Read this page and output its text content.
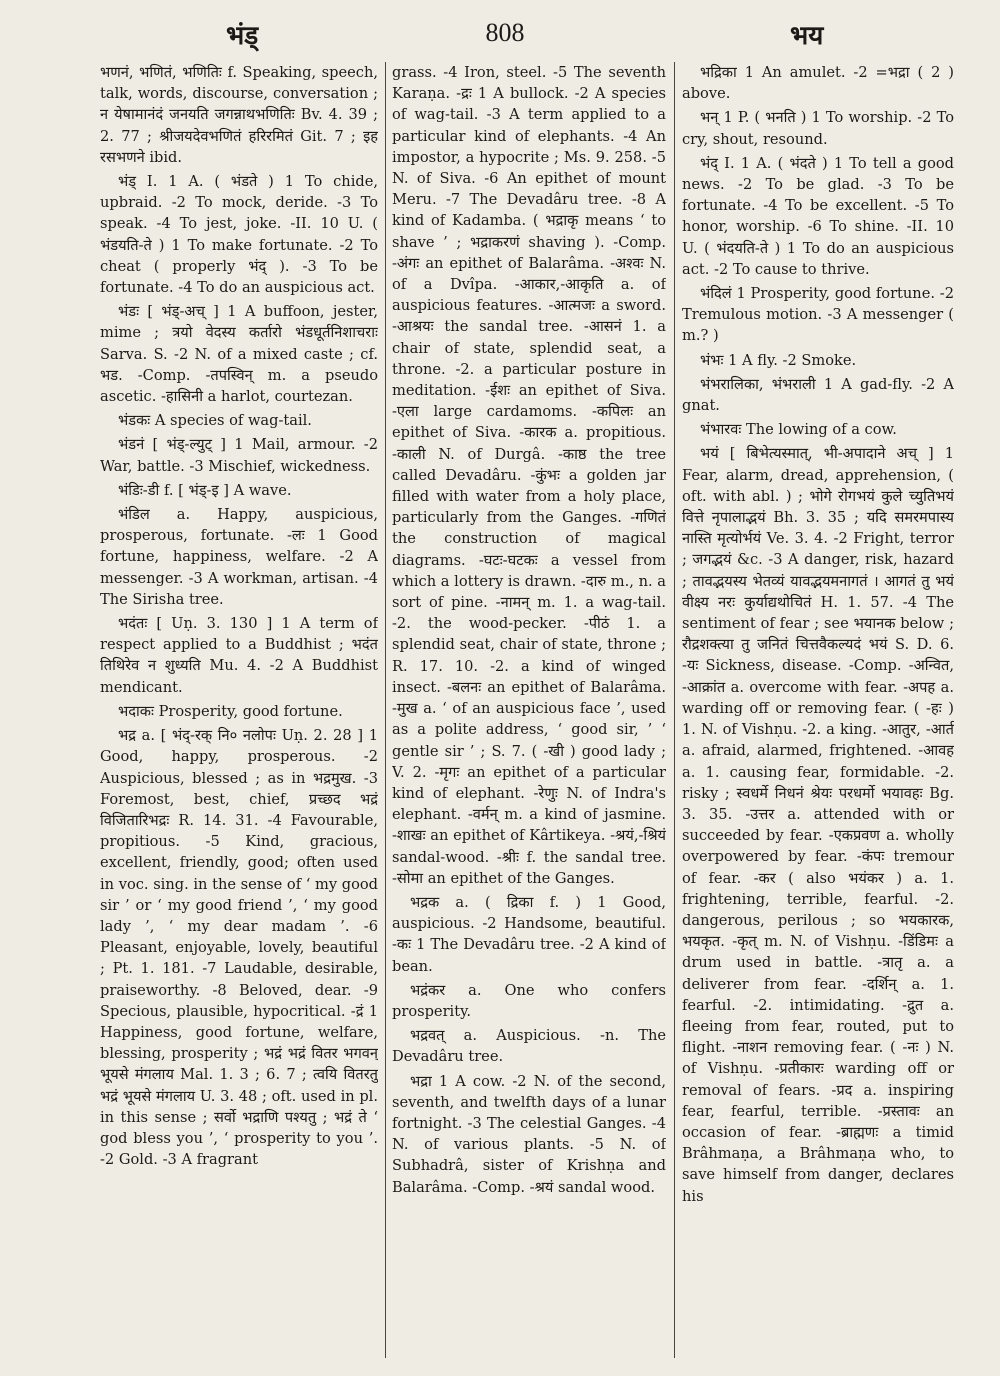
भंड्	808	भय

भणनं, भणितं, भणितिः f. Speaking, speech, talk, words, discourse, conversation ; न येषामानंदं जनयति जगन्नाथभणितिः Bv. 4. 39 ; 2. 77 ; श्रीजयदेवभणितं हरिरमितं Git. 7 ; इह रसभणने ibid.

भंड् I. 1 A. ( भंडते ) 1 To chide, upbraid. -2 To mock, deride. -3 To speak. -4 To jest, joke. -II. 10 U. ( भंडयति-ते ) 1 To make fortunate. -2 To cheat ( properly भंद् ). -3 To be fortunate. -4 To do an auspicious act.

भंडः [ भंड्-अच् ] 1 A buffoon, jester, mime ; त्रयो वेदस्य कर्तारो भंडधूर्तनिशाचराः Sarva. S. -2 N. of a mixed caste ; cf. भड. -Comp. -तपस्विन् m. a pseudo ascetic. -हासिनी a harlot, courtezan.

भंडकः A species of wag-tail.

भंडनं [ भंड्-ल्युट् ] 1 Mail, armour. -2 War, battle. -3 Mischief, wickedness.

भंडिः-डी f. [ भंड्-इ ] A wave.

भंडिल a. Happy, auspicious, prosperous, fortunate. -लः 1 Good fortune, happiness, welfare. -2 A messenger. -3 A workman, artisan. -4 The Sirisha tree.

भदंतः [ Uṇ. 3. 130 ] 1 A term of respect applied to a Buddhist ; भदंत तिथिरेव न शुध्यति Mu. 4. -2 A Buddhist mendicant.

भदाकः Prosperity, good fortune.

भद्र a. [ भंद्-रक् नि० नलोपः Uṇ. 2. 28 ] 1 Good, happy, prosperous. -2 Auspicious, blessed ; as in भद्रमुख. -3 Foremost, best, chief, प्रच्छद भद्रं विजितारिभद्रः R. 14. 31. -4 Favourable, propitious. -5 Kind, gracious, excellent, friendly, good; often used in voc. sing. in the sense of ‘ my good sir ’ or ‘ my good friend ’, ‘ my good lady ’, ‘ my dear madam ’. -6 Pleasant, enjoyable, lovely, beautiful ; Pt. 1. 181. -7 Laudable, desirable, praiseworthy. -8 Beloved, dear. -9 Specious, plausible, hypocritical. -द्रं 1 Happiness, good fortune, welfare, blessing, prosperity ; भद्रं भद्रं वितर भगवन् भूयसे मंगलाय Mal. 1. 3 ; 6. 7 ; त्वयि वितरतु भद्रं भूयसे मंगलाय U. 3. 48 ; oft. used in pl. in this sense ; सर्वो भद्राणि पश्यतु ; भद्रं ते ‘ god bless you ’, ‘ prosperity to you ’. -2 Gold. -3 A fragrant

grass. -4 Iron, steel. -5 The seventh Karaṇa. -द्रः 1 A bullock. -2 A species of wag-tail. -3 A term applied to a particular kind of elephants. -4 An impostor, a hypocrite ; Ms. 9. 258. -5 N. of Siva. -6 An epithet of mount Meru. -7 The Devadâru tree. -8 A kind of Kadamba. ( भद्राकृ means ‘ to shave ’ ; भद्राकरणं shaving ). -Comp. -अंगः an epithet of Balarâma. -अश्वः N. of a Dvîpa. -आकार,-आकृति a. of auspicious features. -आत्मजः a sword. -आश्रयः the sandal tree. -आसनं 1. a chair of state, splendid seat, a throne. -2. a particular posture in meditation. -ईशः an epithet of Siva. -एला large cardamoms. -कपिलः an epithet of Siva. -कारक a. propitious. -काली N. of Durgâ. -काष्ठ the tree called Devadâru. -कुंभः a golden jar filled with water from a holy place, particularly from the Ganges. -गणितं the construction of magical diagrams. -घटः-घटकः a vessel from which a lottery is drawn. -दारु m., n. a sort of pine. -नामन् m. 1. a wag-tail. -2. the wood-pecker. -पीठं 1. a splendid seat, chair of state, throne ; R. 17. 10. -2. a kind of winged insect. -बलनः an epithet of Balarâma. -मुख a. ‘ of an auspicious face ’, used as a polite address, ‘ good sir, ’ ‘ gentle sir ’ ; S. 7. ( -खी ) good lady ; V. 2. -मृगः an epithet of a particular kind of elephant. -रेणुः N. of Indra's elephant. -वर्मन् m. a kind of jasmine. -शाखः an epithet of Kârtikeya. -श्रयं,-श्रियं sandal-wood. -श्रीः f. the sandal tree. -सोमा an epithet of the Ganges.

भद्रक a. ( द्रिका f. ) 1 Good, auspicious. -2 Handsome, beautiful. -कः 1 The Devadâru tree. -2 A kind of bean.

भद्रंकर a. One who confers prosperity.

भद्रवत् a. Auspicious. -n. The Devadâru tree.

भद्रा 1 A cow. -2 N. of the second, seventh, and twelfth days of a lunar fortnight. -3 The celestial Ganges. -4 N. of various plants. -5 N. of Subhadrâ, sister of Krishṇa and Balarâma. -Comp. -श्रयं sandal wood.

भद्रिका 1 An amulet. -2 =भद्रा ( 2 ) above.

भन् 1 P. ( भनति ) 1 To worship. -2 To cry, shout, resound.

भंद् I. 1 A. ( भंदते ) 1 To tell a good news. -2 To be glad. -3 To be fortunate. -4 To be excellent. -5 To honor, worship. -6 To shine. -II. 10 U. ( भंदयति-ते ) 1 To do an auspicious act. -2 To cause to thrive.

भंदिलं 1 Prosperity, good fortune. -2 Tremulous motion. -3 A messenger ( m.? )

भंभः 1 A fly. -2 Smoke.

भंभरालिका, भंभराली 1 A gad-fly. -2 A gnat.

भंभारवः The lowing of a cow.

भयं [ बिभेत्यस्मात्, भी-अपादाने अच् ] 1 Fear, alarm, dread, apprehension, ( oft. with abl. ) ; भोगे रोगभयं कुले च्युतिभयं वित्ते नृपालाद्भयं Bh. 3. 35 ; यदि समरमपास्य नास्ति मृत्योर्भयं Ve. 3. 4. -2 Fright, terror ; जगद्भयं &c. -3 A danger, risk, hazard ; तावद्भयस्य भेतव्यं यावद्भयमनागतं । आगतं तु भयं वीक्ष्य नरः कुर्याद्यथोचितं H. 1. 57. -4 The sentiment of fear ; see भयानक below ; रौद्रशक्त्या तु जनितं चित्तवैकल्यदं भयं S. D. 6. -यः Sickness, disease. -Comp. -अन्वित, -आक्रांत a. overcome with fear. -अपह a. warding off or removing fear. ( -हः ) 1. N. of Vishṇu. -2. a king. -आतुर, -आर्त a. afraid, alarmed, frightened. -आवह a. 1. causing fear, formidable. -2. risky ; स्वधर्मे निधनं श्रेयः परधर्मो भयावहः Bg. 3. 35. -उत्तर a. attended with or succeeded by fear. -एकप्रवण a. wholly overpowered by fear. -कंपः tremour of fear. -कर ( also भयंकर ) a. 1. frightening, terrible, fearful. -2. dangerous, perilous ; so भयकारक, भयकृत. -कृत् m. N. of Vishṇu. -डिंडिमः a drum used in battle. -त्रातृ a. a deliverer from fear. -दर्शिन् a. 1. fearful. -2. intimidating. -द्रुत a. fleeing from fear, routed, put to flight. -नाशन removing fear. ( -नः ) N. of Vishṇu. -प्रतीकारः warding off or removal of fears. -प्रद a. inspiring fear, fearful, terrible. -प्रस्तावः an occasion of fear. -ब्राह्मणः a timid Brâhmaṇa, a Brâhmaṇa who, to save himself from danger, declares his
